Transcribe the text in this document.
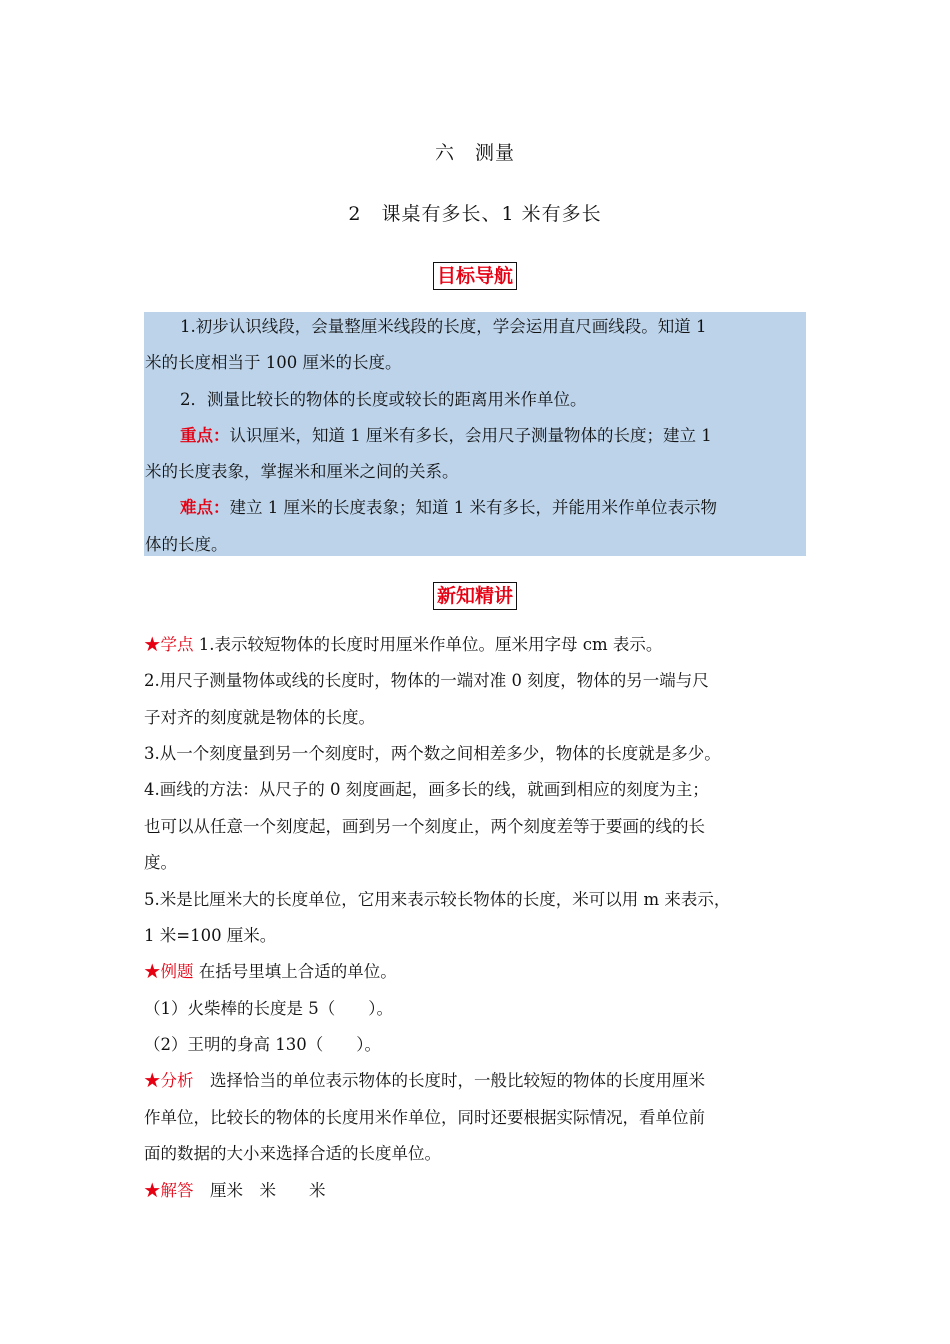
六　测量
2　课桌有多长、1 米有多长
目标导航
1.初步认识线段，会量整厘米线段的长度，学会运用直尺画线段。知道 1
米的长度相当于 100 厘米的长度。
2．测量比较长的物体的长度或较长的距离用米作单位。
重点：认识厘米，知道 1 厘米有多长，会用尺子测量物体的长度；建立 1
米的长度表象，掌握米和厘米之间的关系。
难点：建立 1 厘米的长度表象；知道 1 米有多长，并能用米作单位表示物
体的长度。
新知精讲
★学点 1.表示较短物体的长度时用厘米作单位。厘米用字母 cm 表示。
2.用尺子测量物体或线的长度时，物体的一端对准 0 刻度，物体的另一端与尺
子对齐的刻度就是物体的长度。
3.从一个刻度量到另一个刻度时，两个数之间相差多少，物体的长度就是多少。
4.画线的方法：从尺子的 0 刻度画起，画多长的线，就画到相应的刻度为主；
也可以从任意一个刻度起，画到另一个刻度止，两个刻度差等于要画的线的长
度。
5.米是比厘米大的长度单位，它用来表示较长物体的长度，米可以用 m 来表示，
1 米=100 厘米。
★例题 在括号里填上合适的单位。
（1）火柴棒的长度是 5（　　）。
（2）王明的身高 130（　　）。
★分析　选择恰当的单位表示物体的长度时，一般比较短的物体的长度用厘米
作单位，比较长的物体的长度用米作单位，同时还要根据实际情况，看单位前
面的数据的大小来选择合适的长度单位。
★解答　厘米　米　　米
